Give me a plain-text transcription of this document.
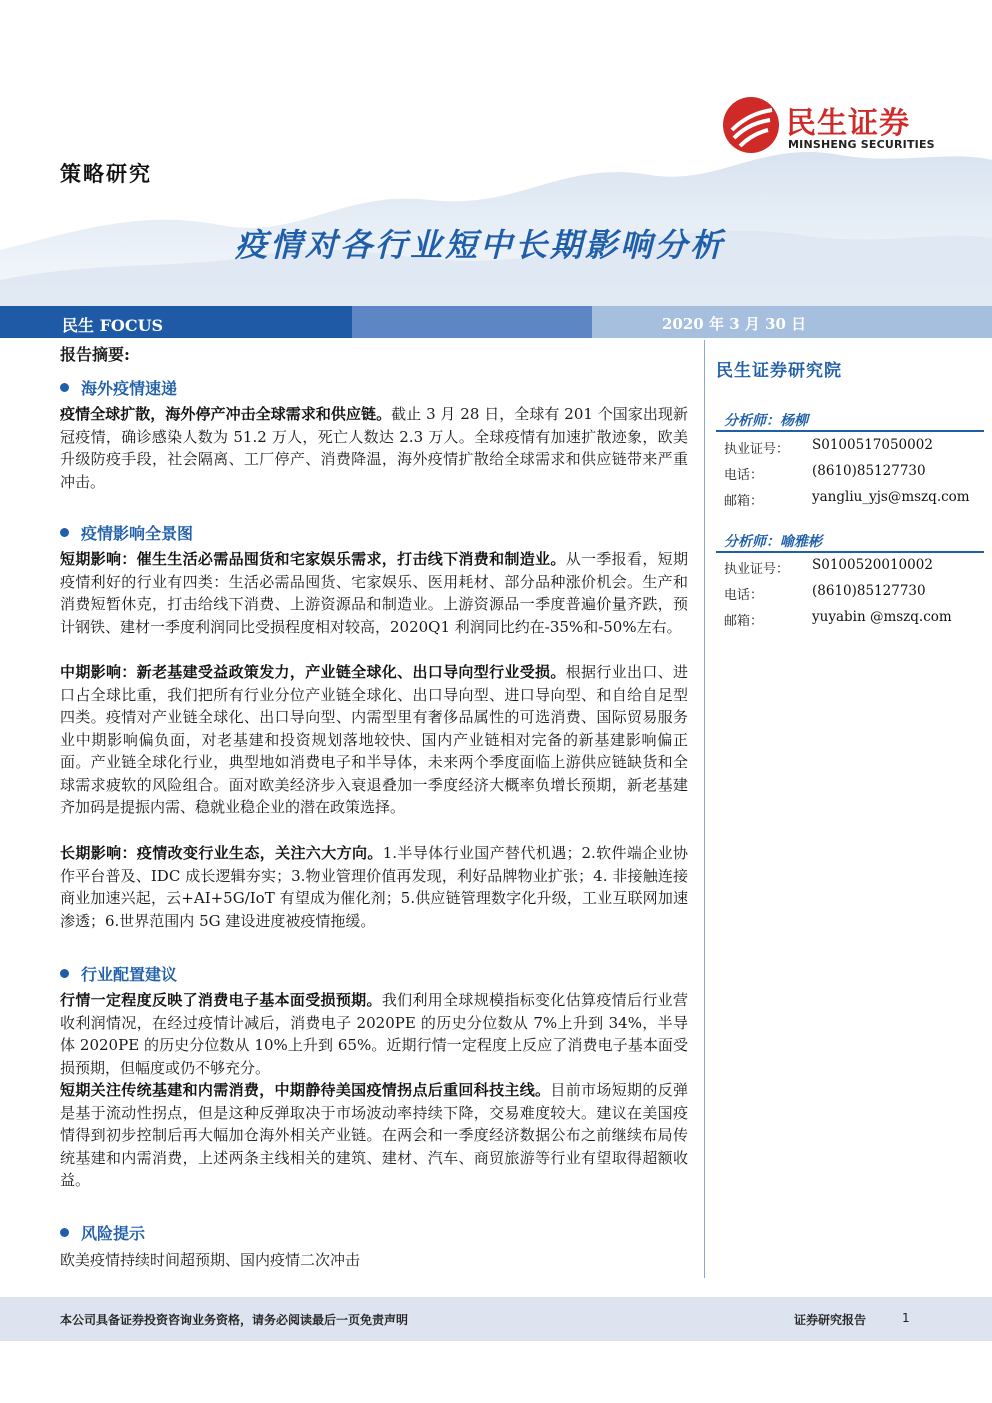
民生证券
MINSHENG SECURITIES
策略研究
疫情对各行业短中长期影响分析
民生 FOCUS	2020 年 3 月 30 日
报告摘要:
海外疫情速递

疫情全球扩散，海外停产冲击全球需求和供应链。截止 3 月 28 日，全球有 201 个国家出现新冠疫情，确诊感染人数为 51.2 万人，死亡人数达 2.3 万人。全球疫情有加速扩散迹象，欧美升级防疫手段，社会隔离、工厂停产、消费降温，海外疫情扩散给全球需求和供应链带来严重冲击。

疫情影响全景图

短期影响：催生生活必需品囤货和宅家娱乐需求，打击线下消费和制造业。从一季报看，短期疫情利好的行业有四类：生活必需品囤货、宅家娱乐、医用耗材、部分品种涨价机会。生产和消费短暂休克，打击给线下消费、上游资源品和制造业。上游资源品一季度普遍价量齐跌，预计钢铁、建材一季度利润同比受损程度相对较高，2020Q1 利润同比约在-35%和-50%左右。

中期影响：新老基建受益政策发力，产业链全球化、出口导向型行业受损。根据行业出口、进口占全球比重，我们把所有行业分位产业链全球化、出口导向型、进口导向型、和自给自足型四类。疫情对产业链全球化、出口导向型、内需型里有奢侈品属性的可选消费、国际贸易服务业中期影响偏负面，对老基建和投资规划落地较快、国内产业链相对完备的新基建影响偏正面。产业链全球化行业，典型地如消费电子和半导体，未来两个季度面临上游供应链缺货和全球需求疲软的风险组合。面对欧美经济步入衰退叠加一季度经济大概率负增长预期，新老基建齐加码是提振内需、稳就业稳企业的潜在政策选择。

长期影响：疫情改变行业生态，关注六大方向。1.半导体行业国产替代机遇；2.软件端企业协作平台普及、IDC 成长逻辑夯实；3.物业管理价值再发现，利好品牌物业扩张；4. 非接触连接商业加速兴起，云+AI+5G/IoT 有望成为催化剂；5.供应链管理数字化升级，工业互联网加速渗透；6.世界范围内 5G 建设进度被疫情拖缓。

行业配置建议

行情一定程度反映了消费电子基本面受损预期。我们利用全球规模指标变化估算疫情后行业营收利润情况，在经过疫情计减后，消费电子 2020PE 的历史分位数从 7%上升到 34%，半导体 2020PE 的历史分位数从 10%上升到 65%。近期行情一定程度上反应了消费电子基本面受损预期，但幅度或仍不够充分。

短期关注传统基建和内需消费，中期静待美国疫情拐点后重回科技主线。目前市场短期的反弹是基于流动性拐点，但是这种反弹取决于市场波动率持续下降，交易难度较大。建议在美国疫情得到初步控制后再大幅加仓海外相关产业链。在两会和一季度经济数据公布之前继续布局传统基建和内需消费，上述两条主线相关的建筑、建材、汽车、商贸旅游等行业有望取得超额收益。

风险提示

欧美疫情持续时间超预期、国内疫情二次冲击

民生证券研究院
分析师：杨柳
执业证号： S0100517050002
电话：	(8610)85127730
邮箱：	yangliu_yjs@mszq.com
分析师：喻雅彬
执业证号： S0100520010002
电话：	(8610)85127730
邮箱：	yuyabin @mszq.com
本公司具备证券投资咨询业务资格，请务必阅读最后一页免责声明	证券研究报告	1
